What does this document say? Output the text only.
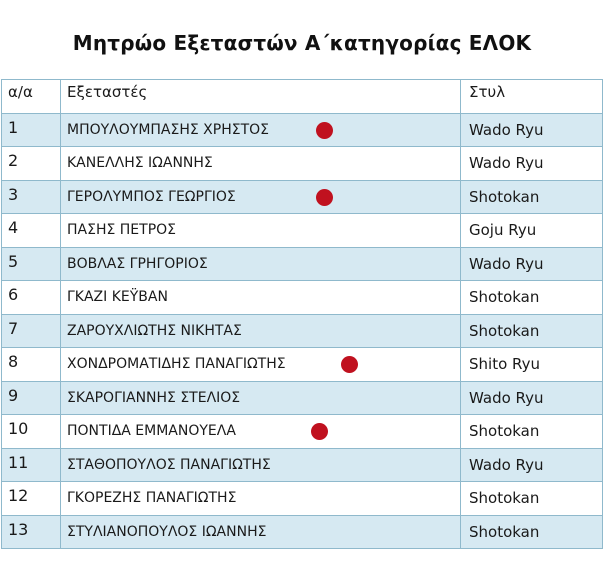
Μητρώο Εξεταστών Α΄κατηγορίας ΕΛΟΚ
α/α	Εξεταστές	Στυλ
1	ΜΠΟΥΛΟΥΜΠΑΣΗΣ ΧΡΗΣΤΟΣ	Wado Ryu
2	ΚΑΝΕΛΛΗΣ ΙΩΑΝΝΗΣ	Wado Ryu
3	ΓΕΡΟΛΥΜΠΟΣ ΓΕΩΡΓΙΟΣ	Shotokan
4	ΠΑΣΗΣ ΠΕΤΡΟΣ	Goju Ryu
5	ΒΟΒΛΑΣ ΓΡΗΓΟΡΙΟΣ	Wado Ryu
6	ΓΚΑΖΙ ΚΕΫΒΑΝ	Shotokan
7	ΖΑΡΟΥΧΛΙΩΤΗΣ ΝΙΚΗΤΑΣ	Shotokan
8	ΧΟΝΔΡΟΜΑΤΙΔΗΣ ΠΑΝΑΓΙΩΤΗΣ	Shito Ryu
9	ΣΚΑΡΟΓΙΑΝΝΗΣ ΣΤΕΛΙΟΣ	Wado Ryu
10	ΠΟΝΤΙΔΑ ΕΜΜΑΝΟΥΕΛΑ	Shotokan
11	ΣΤΑΘΟΠΟΥΛΟΣ ΠΑΝΑΓΙΩΤΗΣ	Wado Ryu
12	ΓΚΟΡΕΖΗΣ ΠΑΝΑΓΙΩΤΗΣ	Shotokan
13	ΣΤΥΛΙΑΝΟΠΟΥΛΟΣ ΙΩΑΝΝΗΣ	Shotokan
